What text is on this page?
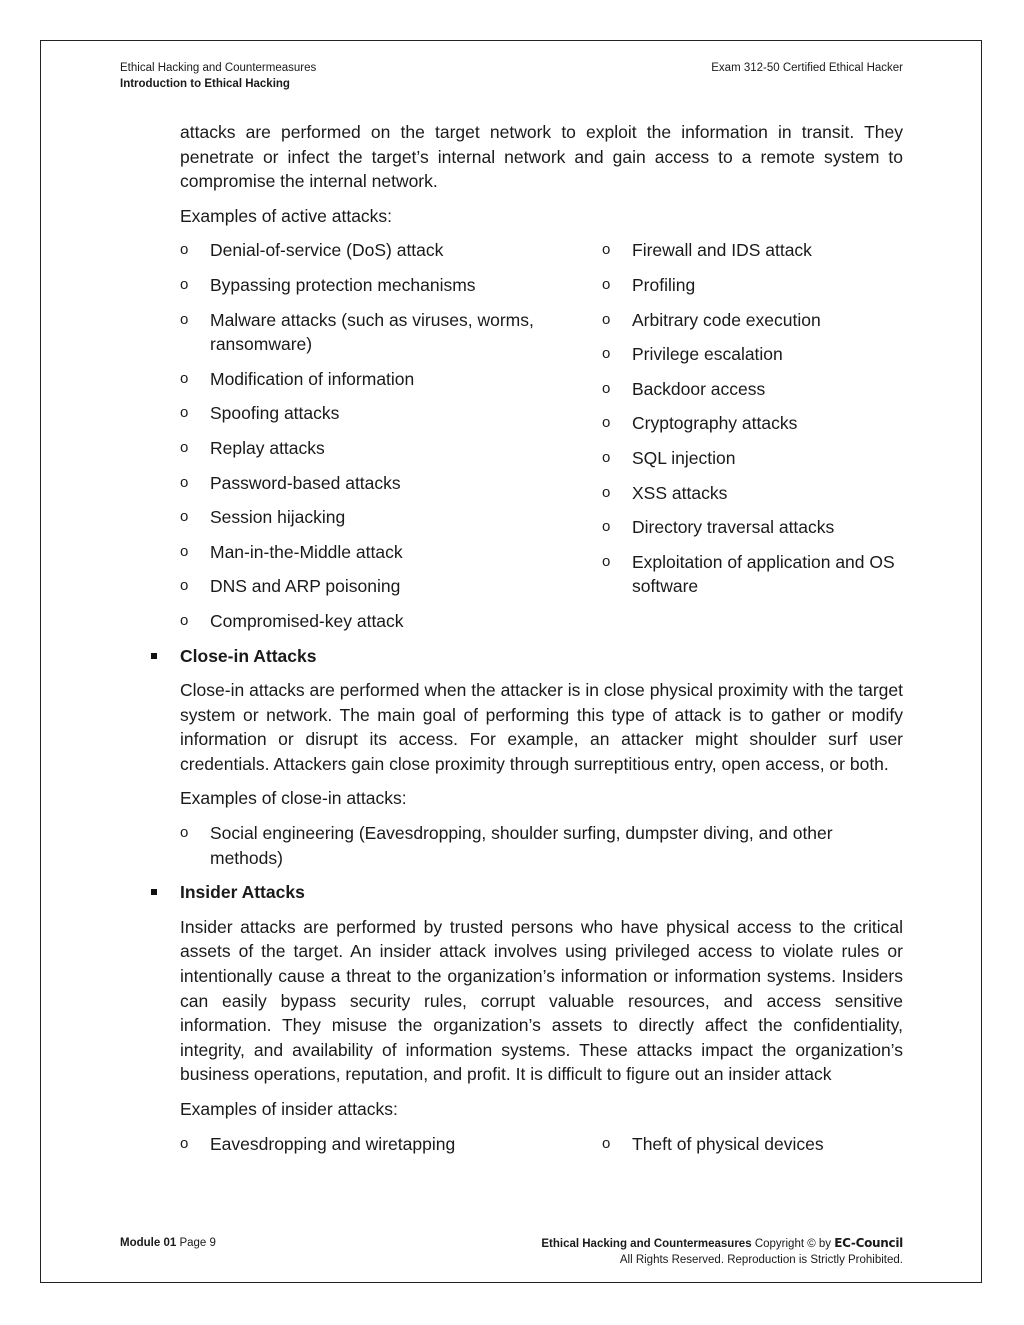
Ethical Hacking and Countermeasures
Introduction to Ethical Hacking
Exam 312-50 Certified Ethical Hacker

attacks are performed on the target network to exploit the information in transit. They penetrate or infect the target’s internal network and gain access to a remote system to compromise the internal network.

Examples of active attacks:

o Denial-of-service (DoS) attack
o Bypassing protection mechanisms
o Malware attacks (such as viruses, worms, ransomware)
o Modification of information
o Spoofing attacks
o Replay attacks
o Password-based attacks
o Session hijacking
o Man-in-the-Middle attack
o DNS and ARP poisoning
o Compromised-key attack
o Firewall and IDS attack
o Profiling
o Arbitrary code execution
o Privilege escalation
o Backdoor access
o Cryptography attacks
o SQL injection
o XSS attacks
o Directory traversal attacks
o Exploitation of application and OS software
Close-in Attacks

Close-in attacks are performed when the attacker is in close physical proximity with the target system or network. The main goal of performing this type of attack is to gather or modify information or disrupt its access. For example, an attacker might shoulder surf user credentials. Attackers gain close proximity through surreptitious entry, open access, or both.

Examples of close-in attacks:

o Social engineering (Eavesdropping, shoulder surfing, dumpster diving, and other methods)
Insider Attacks

Insider attacks are performed by trusted persons who have physical access to the critical assets of the target. An insider attack involves using privileged access to violate rules or intentionally cause a threat to the organization’s information or information systems. Insiders can easily bypass security rules, corrupt valuable resources, and access sensitive information. They misuse the organization’s assets to directly affect the confidentiality, integrity, and availability of information systems. These attacks impact the organization’s business operations, reputation, and profit. It is difficult to figure out an insider attack

Examples of insider attacks:

o Eavesdropping and wiretapping	o Theft of physical devices
Module 01 Page 9	Ethical Hacking and Countermeasures Copyright © by EC-Council
All Rights Reserved. Reproduction is Strictly Prohibited.
